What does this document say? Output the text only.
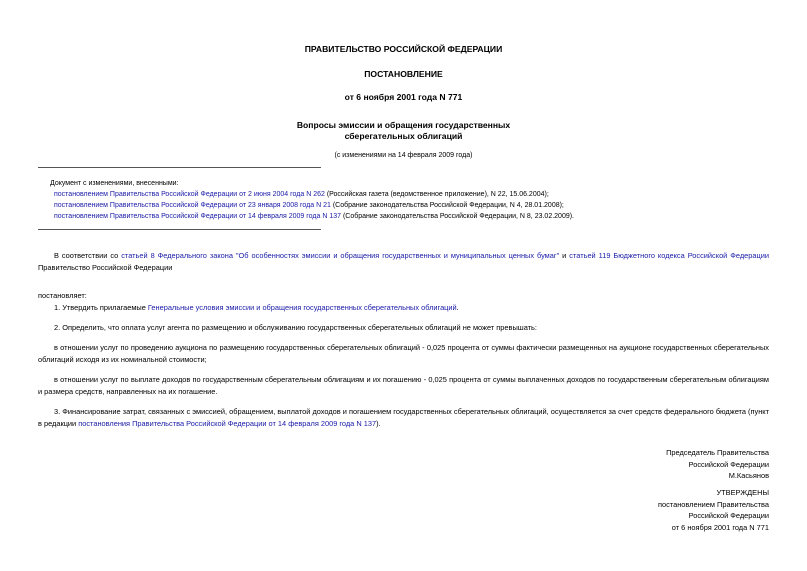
ПРАВИТЕЛЬСТВО РОССИЙСКОЙ ФЕДЕРАЦИИ
ПОСТАНОВЛЕНИЕ
от 6 ноября 2001 года N 771
Вопросы эмиссии и обращения государственных
сберегательных облигаций
(с изменениями на 14 февраля 2009 года)
Документ с изменениями, внесенными:
постановлением Правительства Российской Федерации от 2 июня 2004 года N 262 (Российская газета (ведомственное приложение), N 22, 15.06.2004);
постановлением Правительства Российской Федерации от 23 января 2008 года N 21 (Собрание законодательства Российской Федерации, N 4, 28.01.2008);
постановлением Правительства Российской Федерации от 14 февраля 2009 года N 137 (Собрание законодательства Российской Федерации, N 8, 23.02.2009).
В соответствии со статьей 8 Федерального закона "Об особенностях эмиссии и обращения государственных и муниципальных ценных бумаг" и статьей 119 Бюджетного кодекса Российской Федерации Правительство Российской Федерации
постановляет:
1. Утвердить прилагаемые Генеральные условия эмиссии и обращения государственных сберегательных облигаций.
2. Определить, что оплата услуг агента по размещению и обслуживанию государственных сберегательных облигаций не может превышать:
в отношении услуг по проведению аукциона по размещению государственных сберегательных облигаций - 0,025 процента от суммы фактически размещенных на аукционе государственных сберегательных облигаций исходя из их номинальной стоимости;
в отношении услуг по выплате доходов по государственным сберегательным облигациям и их погашению - 0,025 процента от суммы выплаченных доходов по государственным сберегательным облигациям и размера средств, направленных на их погашение.
3. Финансирование затрат, связанных с эмиссией, обращением, выплатой доходов и погашением государственных сберегательных облигаций, осуществляется за счет средств федерального бюджета (пункт в редакции постановления Правительства Российской Федерации от 14 февраля 2009 года N 137).
Председатель Правительства
Российской Федерации
М.Касьянов
УТВЕРЖДЕНЫ
постановлением Правительства
Российской Федерации
от 6 ноября 2001 года N 771
